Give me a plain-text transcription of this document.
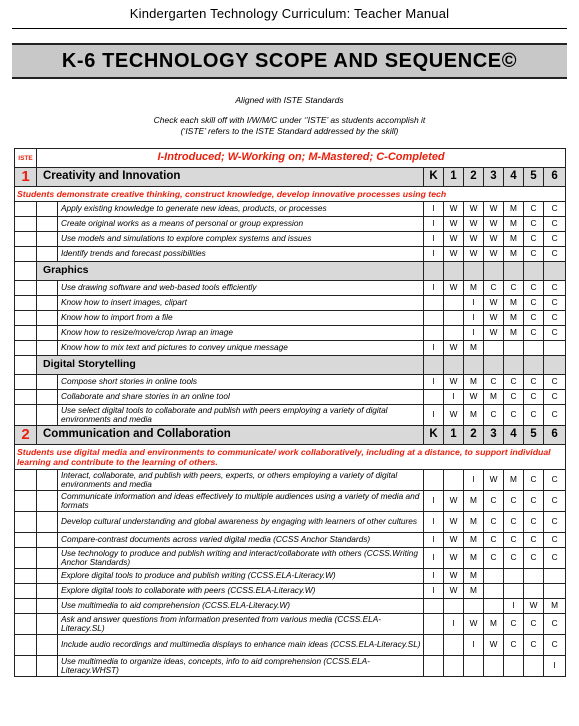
Kindergarten Technology Curriculum: Teacher Manual
K-6 TECHNOLOGY SCOPE AND SEQUENCE©
Aligned with ISTE Standards
Check each skill off with I/W/M/C under ‘’ISTE’ as students accomplish it
(‘ISTE’ refers to the ISTE Standard addressed by the skill)
ISTE	I-Introduced; W-Working on; M-Mastered; C-Completed								
1	Creativity and Innovation		K	1	2	3	4	5	6
Students demonstrate creative thinking, construct knowledge, develop innovative processes using tech									
		Apply existing knowledge to generate new ideas, products, or processes	I	W	W	W	M	C	C
		Create original works as a means of personal or group expression	I	W	W	W	M	C	C
		Use models and simulations to explore complex systems and issues	I	W	W	W	M	C	C
		Identify trends and forecast possibilities	I	W	W	W	M	C	C
	Graphics								
		Use drawing software and web-based tools efficiently	I	W	M	C	C	C	C
		Know how to insert images, clipart			I	W	M	C	C
		Know how to import from a file			I	W	M	C	C
		Know how to resize/move/crop /wrap an image			I	W	M	C	C
		Know how to mix text and pictures to convey unique message	I	W	M				
	Digital Storytelling								
		Compose short stories in online tools	I	W	M	C	C	C	C
		Collaborate and share stories in an online tool		I	W	M	C	C	C
		Use select digital tools to collaborate and publish with peers employing a variety of digital environments and media	I	W	M	C	C	C	C
2	Communication and Collaboration		K	1	2	3	4	5	6
Students use digital media and environments to communicate/ work collaboratively, including at a distance, to support individual learning and contribute to the learning of others.									
		Interact, collaborate, and publish with peers, experts, or others employing a variety of digital environments and media			I	W	M	C	C
		Communicate information and ideas effectively to multiple audiences using a variety of media and formats	I	W	M	C	C	C	C
		Develop cultural understanding and global awareness by engaging with learners of other cultures	I	W	M	C	C	C	C
		Compare-contrast documents across varied digital media (CCSS Anchor Standards)	I	W	M	C	C	C	C
		Use technology to produce and publish writing and interact/collaborate with others (CCSS.Writing Anchor Standards)	I	W	M	C	C	C	C
		Explore digital tools to produce and publish writing (CCSS.ELA-Literacy.W)	I	W	M				
		Explore digital tools to collaborate with peers (CCSS.ELA-Literacy.W)	I	W	M				
		Use multimedia to aid comprehension (CCSS.ELA-Literacy.W)					I	W	M
		Ask and answer questions from information presented from various media (CCSS.ELA-Literacy.SL)		I	W	M	C	C	C
		Include audio recordings and multimedia displays to enhance main ideas (CCSS.ELA-Literacy.SL)			I	W	C	C	C
		Use multimedia to organize ideas, concepts, info to aid comprehension (CCSS.ELA-Literacy.WHST)							I
